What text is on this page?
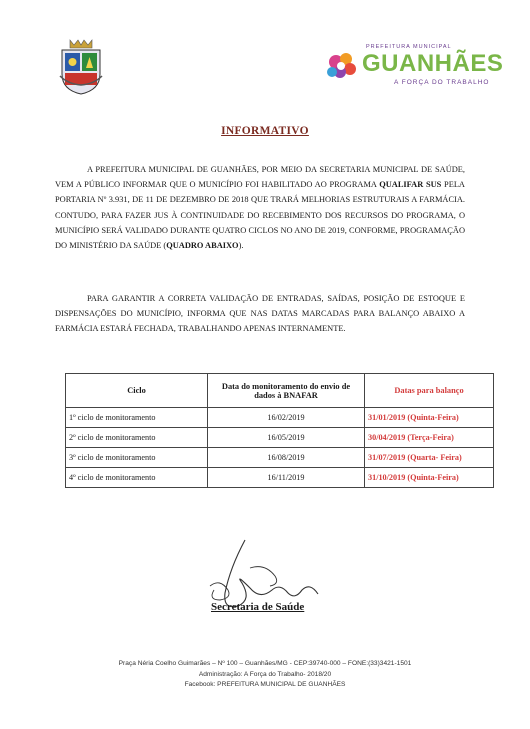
PREFEITURA MUNICIPAL
GUANHÃES
A FORÇA DO TRABALHO
INFORMATIVO

A PREFEITURA MUNICIPAL DE GUANHÃES, POR MEIO DA SECRETARIA MUNICIPAL DE SAÚDE, VEM A PÚBLICO INFORMAR QUE O MUNICÍPIO FOI HABILITADO AO PROGRAMA QUALIFAR SUS PELA PORTARIA Nº 3.931, DE 11 DE DEZEMBRO DE 2018 QUE TRARÁ MELHORIAS ESTRUTURAIS A FARMÁCIA. CONTUDO, PARA FAZER JUS À CONTINUIDADE DO RECEBIMENTO DOS RECURSOS DO PROGRAMA, O MUNICÍPIO SERÁ VALIDADO DURANTE QUATRO CICLOS NO ANO DE 2019, CONFORME, PROGRAMAÇÃO DO MINISTÉRIO DA SAÚDE (QUADRO ABAIXO).

PARA GARANTIR A CORRETA VALIDAÇÃO DE ENTRADAS, SAÍDAS, POSIÇÃO DE ESTOQUE E DISPENSAÇÕES DO MUNICÍPIO, INFORMA QUE NAS DATAS MARCADAS PARA BALANÇO ABAIXO A FARMÁCIA ESTARÁ FECHADA, TRABALHANDO APENAS INTERNAMENTE.

Ciclo	Data do monitoramento do envio de dados à BNAFAR	Datas para balanço
1º ciclo de monitoramento	16/02/2019	31/01/2019 (Quinta-Feira)
2º ciclo de monitoramento	16/05/2019	30/04/2019 (Terça-Feira)
3º ciclo de monitoramento	16/08/2019	31/07/2019 (Quarta- Feira)
4º ciclo de monitoramento	16/11/2019	31/10/2019 (Quinta-Feira)
Secretaria de Saúde
Praça Néria Coelho Guimarães – Nº 100 – Guanhães/MG - CEP:39740-000 – FONE:(33)3421-1501
Administração: A Força do Trabalho- 2018/20
Facebook: PREFEITURA MUNICIPAL DE GUANHÃES
